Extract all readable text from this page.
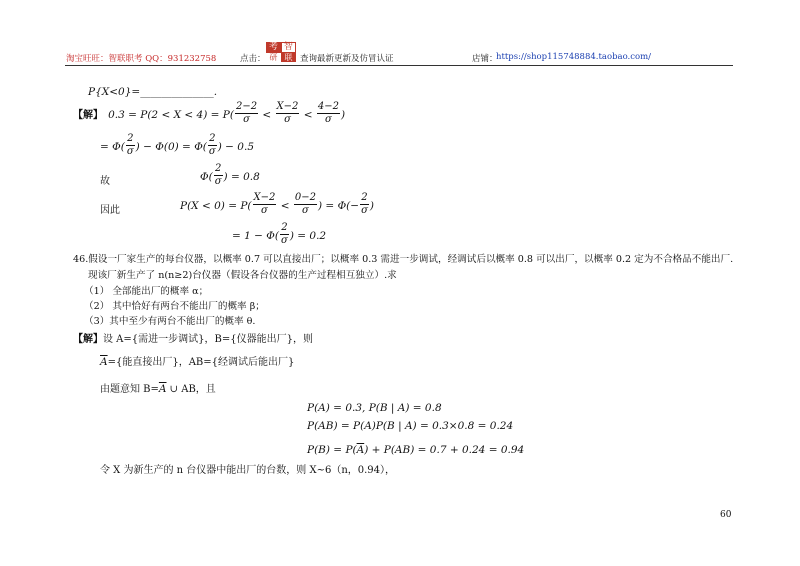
淘宝旺旺：智联职考 QQ：931232758	点击：
考 智
研 联 查询最新更新及仿冒认证	店铺：
https://shop115748884.taobao.com/
P{X<0}=______________.
【解】 $0.3 = P(2 < X < 4) = P( \frac{2-2}{\sigma} < \frac{X-2}{\sigma} < \frac{4-2}{\sigma}$ )
= $\Phi( \frac{2}{\sigma}$ ) − $\Phi(0) = \Phi( \frac{2}{\sigma}$ ) − 0.5
故	$\Phi( \frac{2}{\sigma}$ ) = 0.8
因此	$P(X < 0) = P( \frac{X-2}{\sigma} < \frac{0-2}{\sigma}$ ) = $\Phi(- \frac{2}{\sigma}$ )
= $1 - \Phi( \frac{2}{\sigma}$ ) = 0.2
46.假设一厂家生产的每台仪器，以概率 0.7 可以直接出厂；以概率 0.3 需进一步调试，经调试后以概率 0.8 可以出厂，以概率 0.2 定为不合格品不能出厂.
现该厂新生产了 n(n≥2)台仪器（假设各台仪器的生产过程相互独立）.求
（1） 全部能出厂的概率 α；
（2） 其中恰好有两台不能出厂的概率 β；
（3）其中至少有两台不能出厂的概率 θ.
【解】设 A={需进一步调试}，B={仪器能出厂}，则
$\overline{A}=${能直接出厂}，AB={经调试后能出厂}
由题意知 $B=\overline{A}$ ∪ AB，且
P(A) = 0.3, P(B | A) = 0.8
P(AB) = P(A)P(B | A) = 0.3×0.8 = 0.24
$P(B) = P(\overline{A}) + P(AB) = 0.7 + 0.24 = 0.94$
令 X 为新生产的 n 台仪器中能出厂的台数，则 X~6（n，0.94），
60
